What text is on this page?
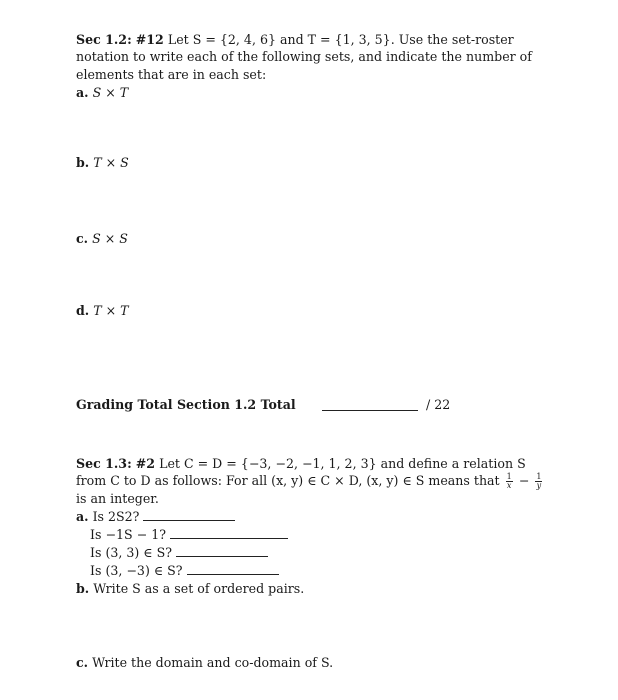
Sec 1.2: #12 Let S = {2, 4, 6} and T = {1, 3, 5}. Use the set-roster
notation to write each of the following sets, and indicate the number of
elements that are in each set:
a. S × T
b. T × S
c. S × S
d. T × T
Grading Total Section 1.2 Total	/ 22
Sec 1.3: #2 Let C = D = {−3, −2, −1, 1, 2, 3} and define a relation S
from C to D as follows: For all (x, y) ∈ C × D, (x, y) ∈ S means that $\frac{1}{x} - \frac{1}{y}$
is an integer.
a. Is 2S2?
Is −1S − 1?
Is (3, 3) ∈ S?
Is (3, −3) ∈ S?
b. Write S as a set of ordered pairs.
c. Write the domain and co-domain of S.
